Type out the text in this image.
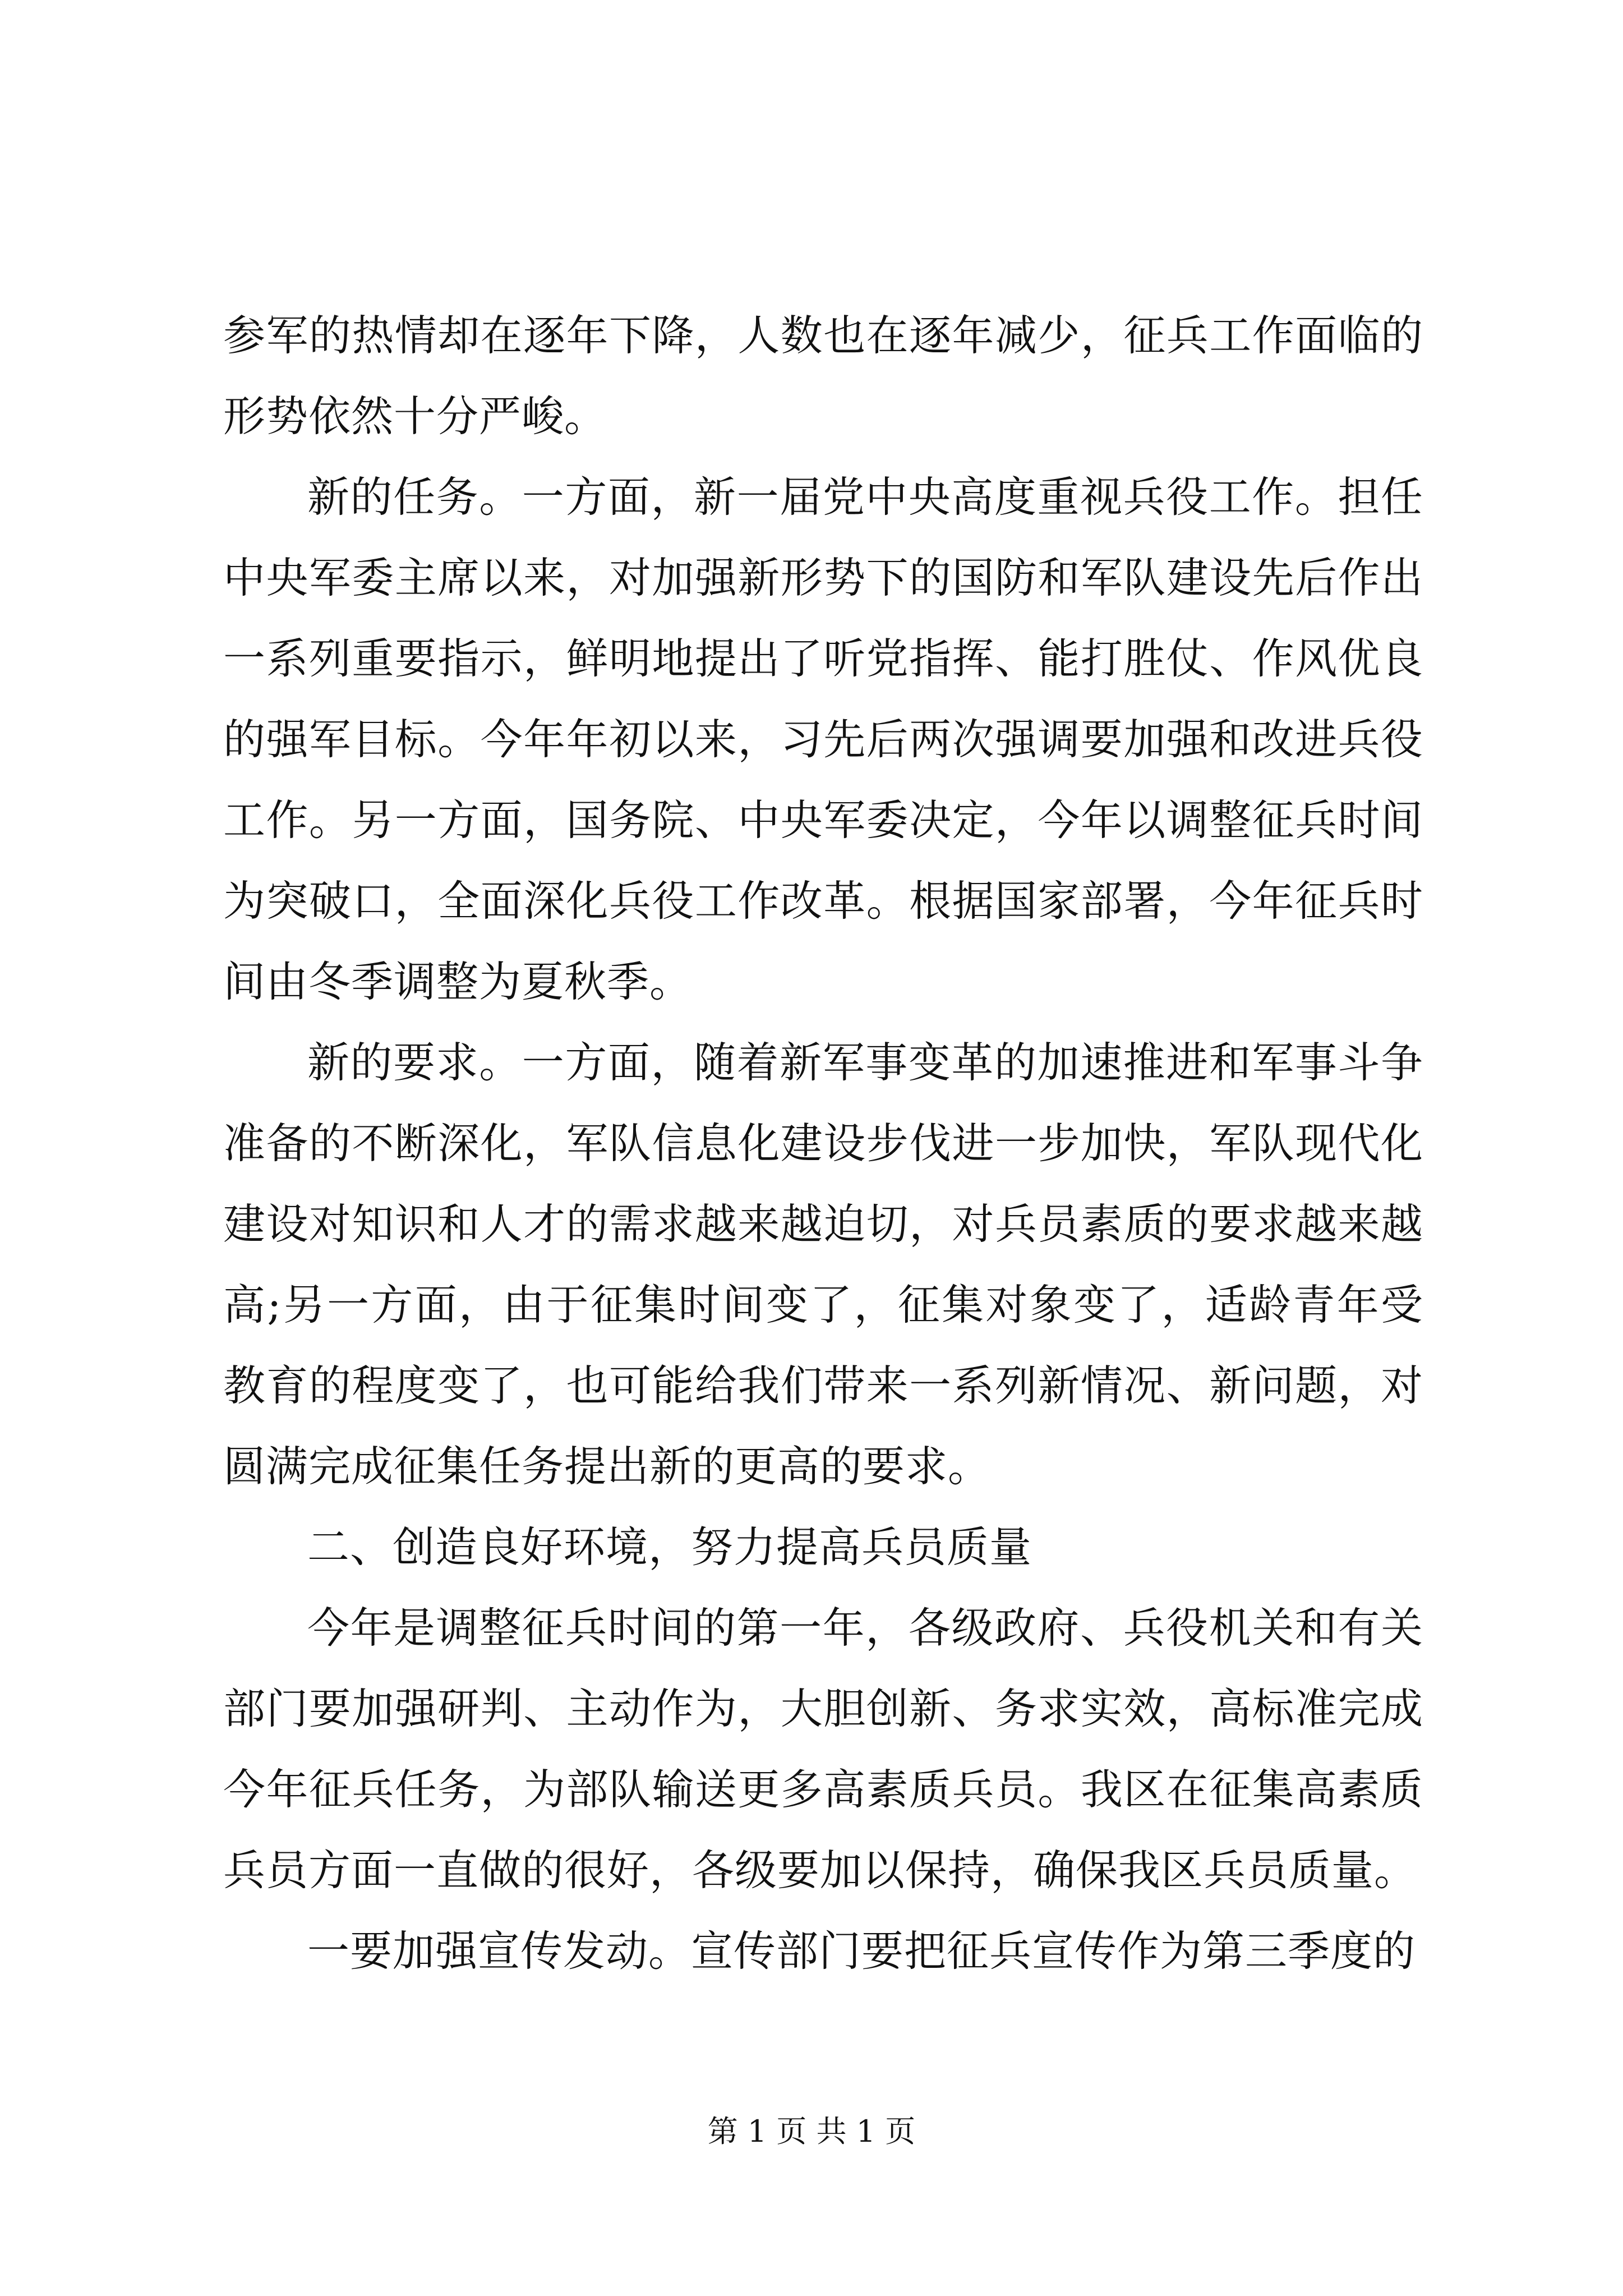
参军的热情却在逐年下降，人数也在逐年减少，征兵工作面临的形势依然十分严峻。

新的任务。一方面，新一届党中央高度重视兵役工作。担任中央军委主席以来，对加强新形势下的国防和军队建设先后作出一系列重要指示，鲜明地提出了听党指挥、能打胜仗、作风优良的强军目标。今年年初以来，习先后两次强调要加强和改进兵役工作。另一方面，国务院、中央军委决定，今年以调整征兵时间为突破口，全面深化兵役工作改革。根据国家部署，今年征兵时间由冬季调整为夏秋季。

新的要求。一方面，随着新军事变革的加速推进和军事斗争准备的不断深化，军队信息化建设步伐进一步加快，军队现代化建设对知识和人才的需求越来越迫切，对兵员素质的要求越来越高;另一方面，由于征集时间变了，征集对象变了，适龄青年受教育的程度变了，也可能给我们带来一系列新情况、新问题，对圆满完成征集任务提出新的更高的要求。

二、创造良好环境，努力提高兵员质量

今年是调整征兵时间的第一年，各级政府、兵役机关和有关部门要加强研判、主动作为，大胆创新、务求实效，高标准完成今年征兵任务，为部队输送更多高素质兵员。我区在征集高素质兵员方面一直做的很好，各级要加以保持，确保我区兵员质量。

一要加强宣传发动。宣传部门要把征兵宣传作为第三季度的

第 1 页 共 1 页
